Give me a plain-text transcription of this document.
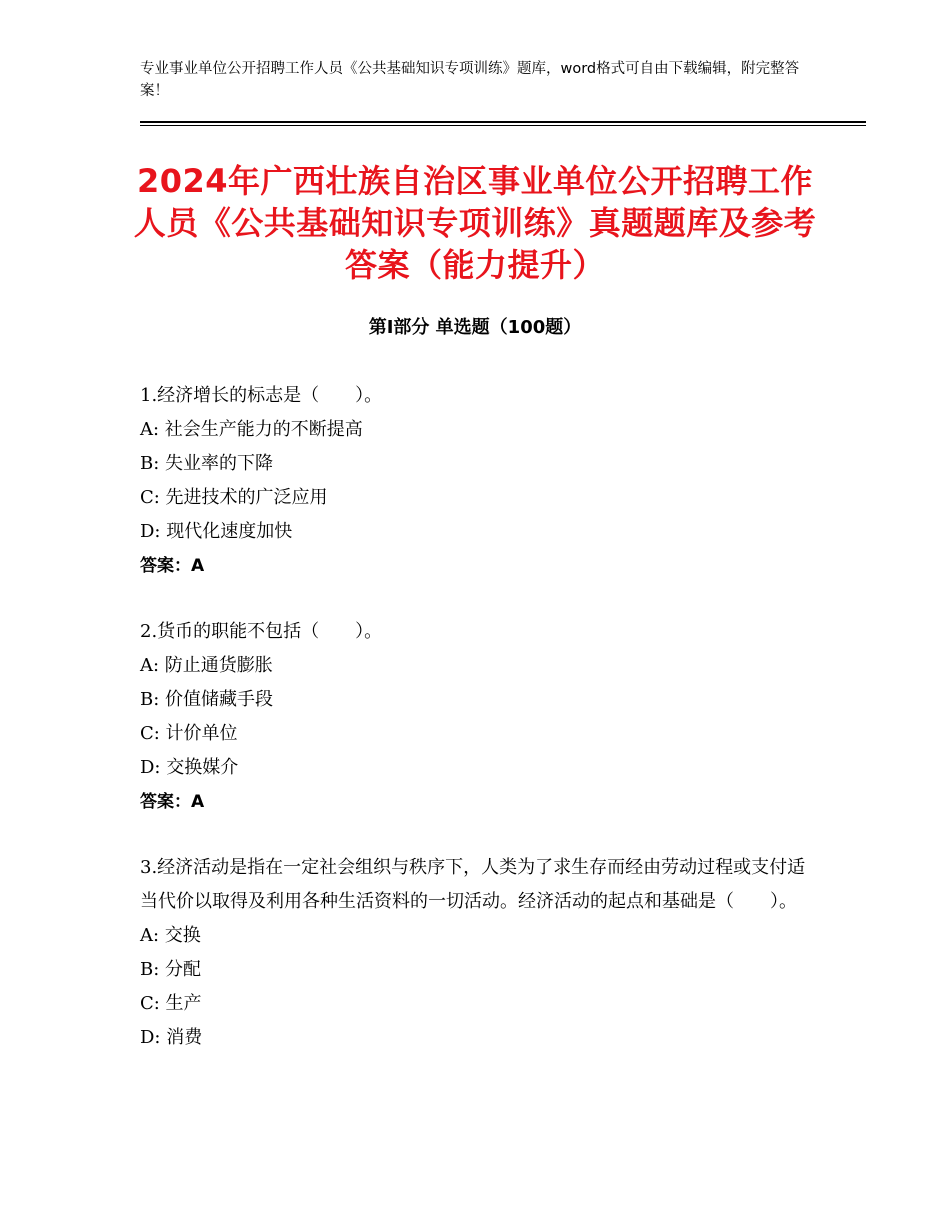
专业事业单位公开招聘工作人员《公共基础知识专项训练》题库，word格式可自由下载编辑，附完整答案！
2024年广西壮族自治区事业单位公开招聘工作人员《公共基础知识专项训练》真题题库及参考答案（能力提升）
第Ⅰ部分 单选题（100题）
1.经济增长的标志是（　　）。
A: 社会生产能力的不断提高
B: 失业率的下降
C: 先进技术的广泛应用
D: 现代化速度加快
答案：A
2.货币的职能不包括（　　）。
A: 防止通货膨胀
B: 价值储藏手段
C: 计价单位
D: 交换媒介
答案：A
3.经济活动是指在一定社会组织与秩序下，人类为了求生存而经由劳动过程或支付适当代价以取得及利用各种生活资料的一切活动。经济活动的起点和基础是（　　）。
A: 交换
B: 分配
C: 生产
D: 消费
